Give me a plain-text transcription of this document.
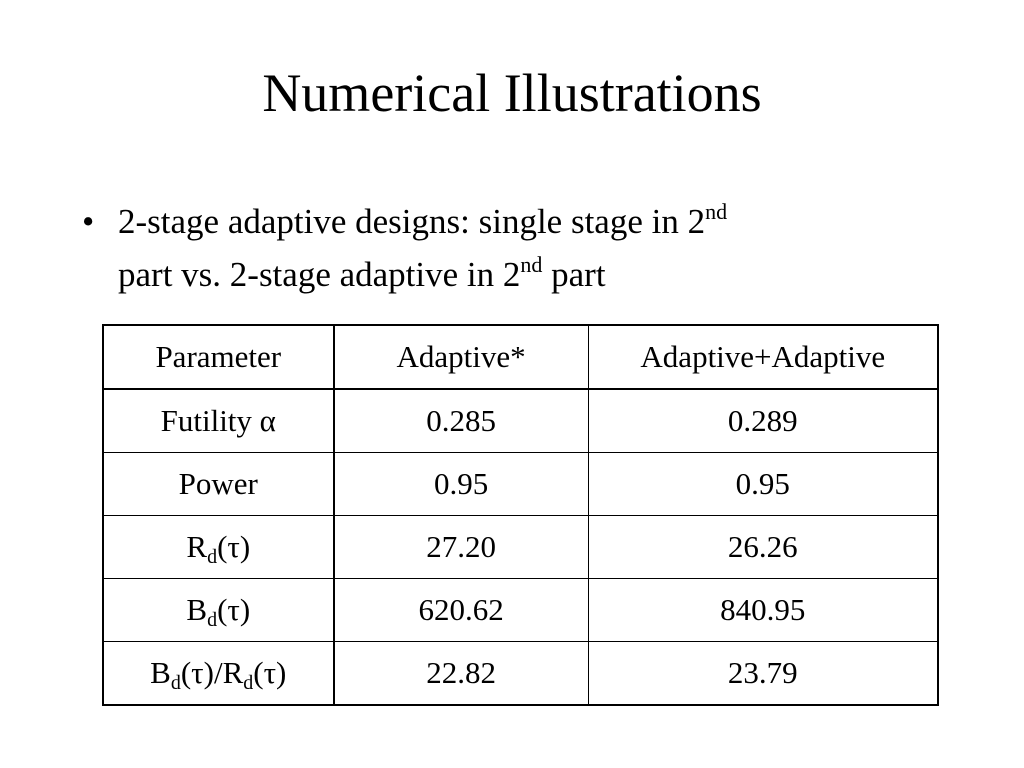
Numerical Illustrations
• 2-stage adaptive designs: single stage in 2nd
part vs. 2-stage adaptive in 2nd part
Parameter	Adaptive*	Adaptive+Adaptive
Futility α	0.285	0.289
Power	0.95	0.95
$R_d(\tau)$	27.20	26.26
$B_d(\tau)$	620.62	840.95
$B_d(\tau)/R_d(\tau)$	22.82	23.79
